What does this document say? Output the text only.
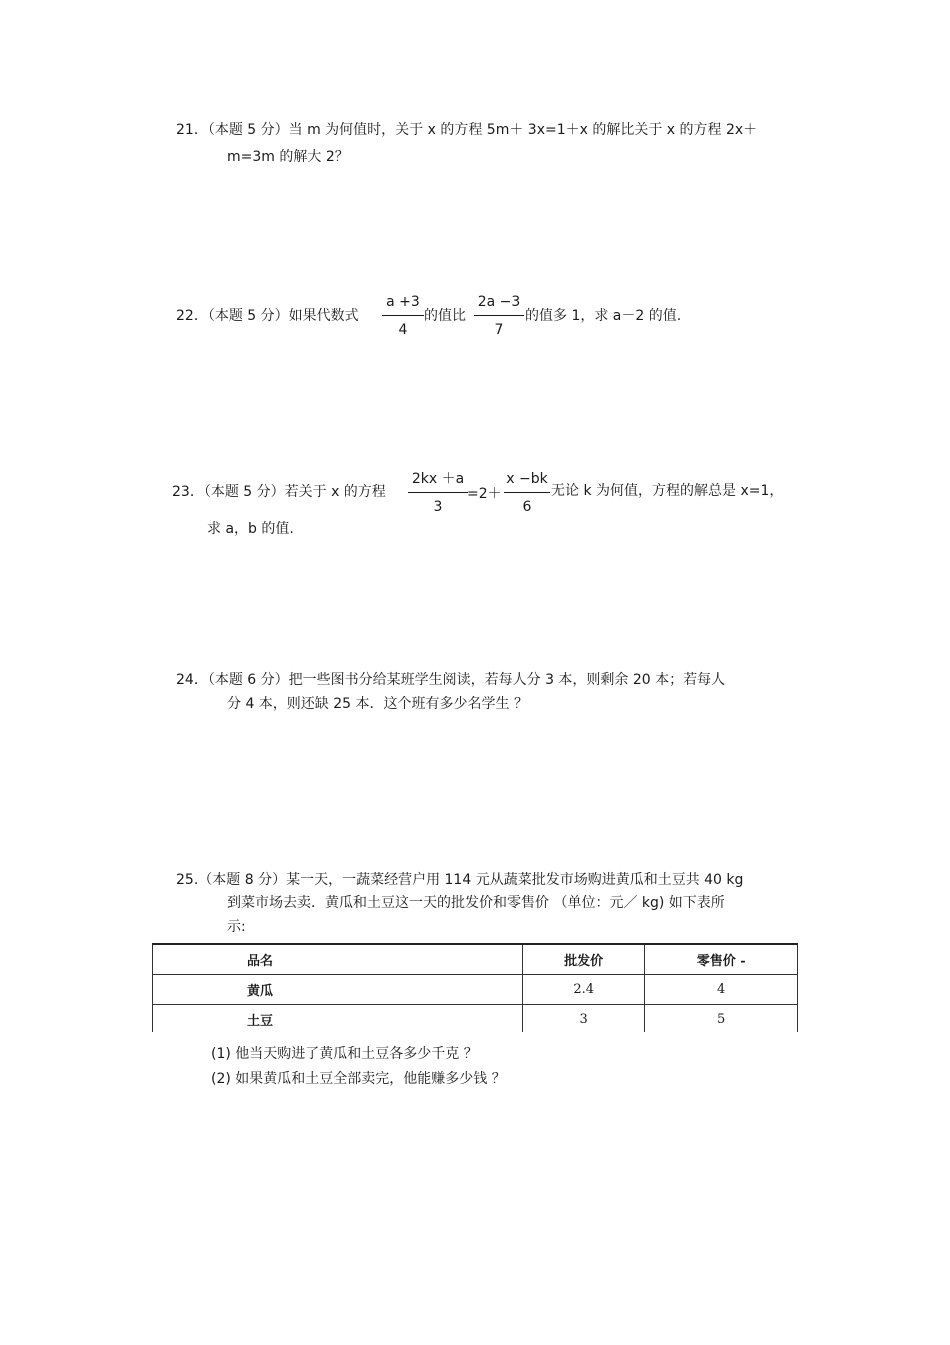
21．（本题 5 分）当 m 为何值时，关于 x 的方程 5m＋ 3x=1＋x 的解比关于 x 的方程 2x＋
m=3m 的解大 2？
22．（本题 5 分）如果代数式
a +3
4
的值比
2a −3
7
的值多 1，求 a－2 的值.
23．（本题 5 分）若关于 x 的方程
2kx ＋a
3
=2＋
x −bk
6
无论 k 为何值，方程的解总是 x=1，
求 a，b 的值.
24．（本题 6 分）把一些图书分给某班学生阅读，若每人分 3 本，则剩余 20 本；若每人
分 4 本，则还缺 25 本．这个班有多少名学生 ？
25.（本题 8 分）某一天，一蔬菜经营户用 114 元从蔬菜批发市场购进黄瓜和土豆共 40 kg
到菜市场去卖．黄瓜和土豆这一天的批发价和零售价 （单位：元／ kg) 如下表所
示:
品名	批发价	零售价 -
黄瓜	2.4	4
土豆	3	5
(1) 他当天购进了黄瓜和土豆各多少千克 ？
(2) 如果黄瓜和土豆全部卖完，他能赚多少钱 ？
